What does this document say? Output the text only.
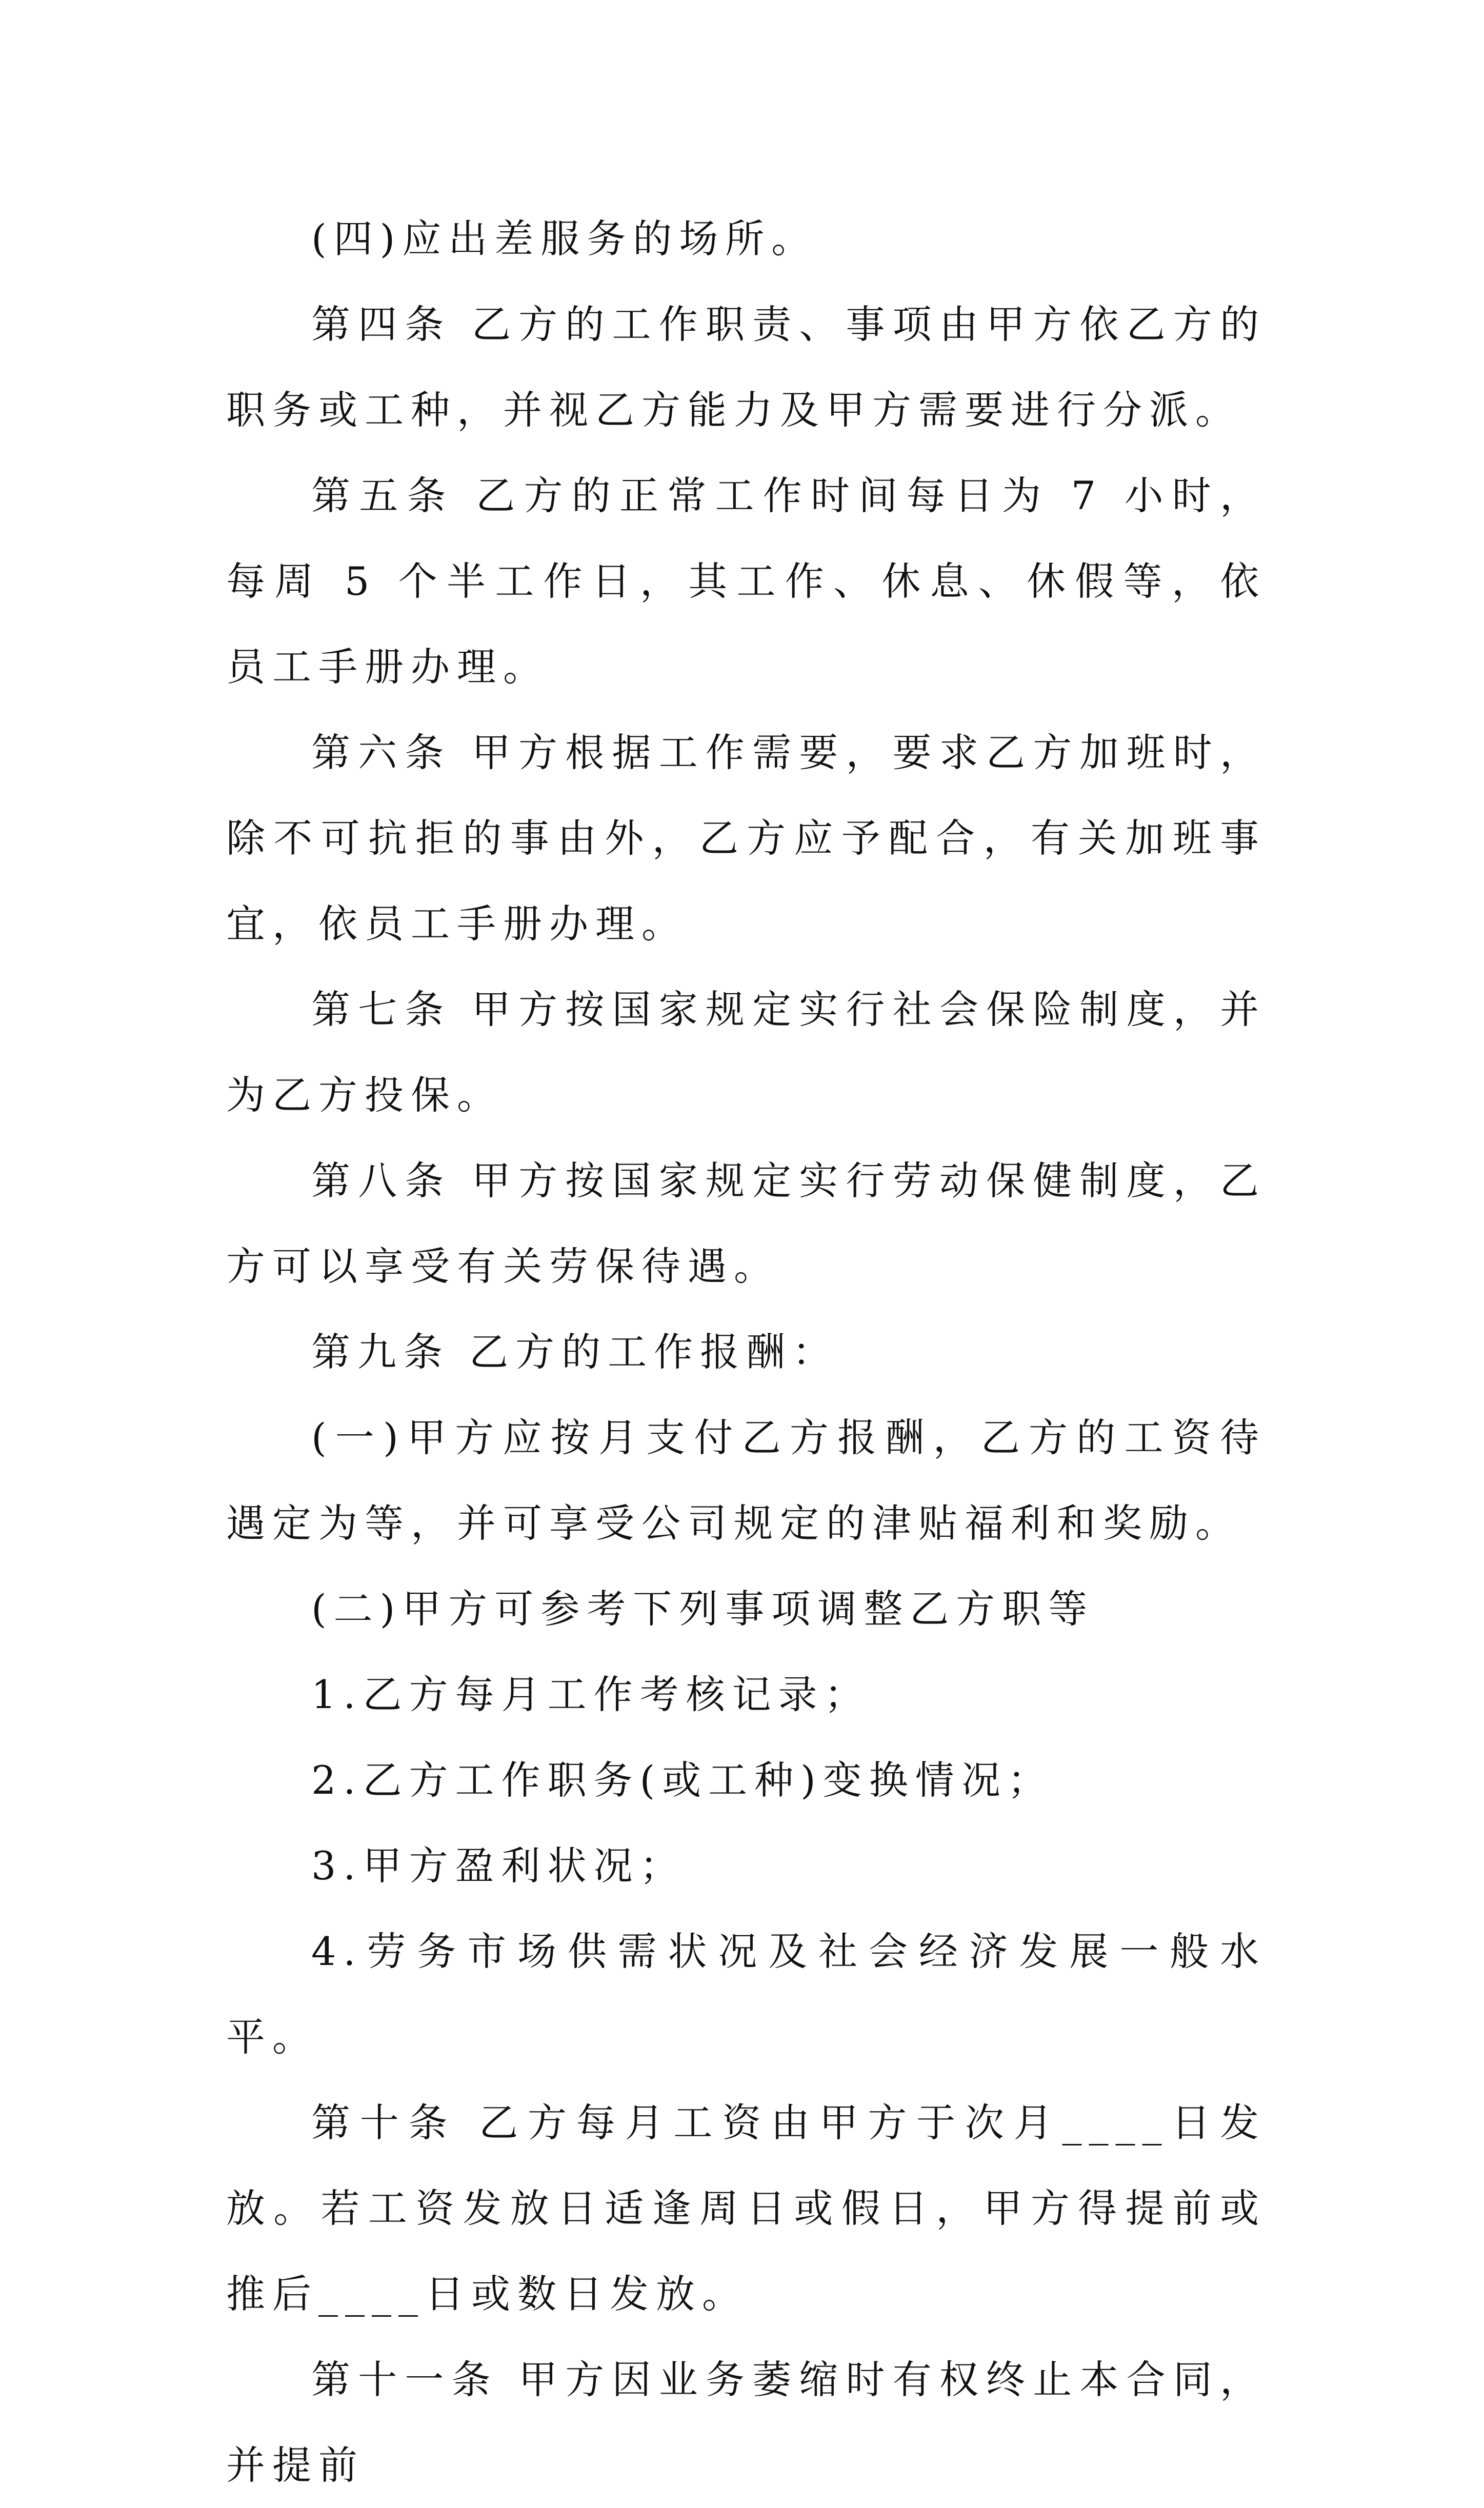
(四)应出差服务的场所。

第四条 乙方的工作职责、事项由甲方依乙方的职务或工种，并视乙方能力及甲方需要进行分派。

第五条 乙方的正常工作时间每日为 7 小时，每周 5 个半工作日，其工作、休息、休假等，依员工手册办理。

第六条 甲方根据工作需要，要求乙方加班时，除不可抗拒的事由外，乙方应予配合，有关加班事宜，依员工手册办理。

第七条 甲方按国家规定实行社会保险制度，并为乙方投保。

第八条 甲方按国家规定实行劳动保健制度，乙方可以享受有关劳保待遇。

第九条 乙方的工作报酬：

(一)甲方应按月支付乙方报酬，乙方的工资待遇定为等，并可享受公司规定的津贴福利和奖励。

(二)甲方可参考下列事项调整乙方职等

1.乙方每月工作考核记录；

2.乙方工作职务(或工种)变换情况；

3.甲方盈利状况；

4.劳务市场供需状况及社会经济发展一般水平。

第十条 乙方每月工资由甲方于次月____日发放。若工资发放日适逢周日或假日，甲方得提前或推后____日或数日发放。

第十一条 甲方因业务萎缩时有权终止本合同，并提前
